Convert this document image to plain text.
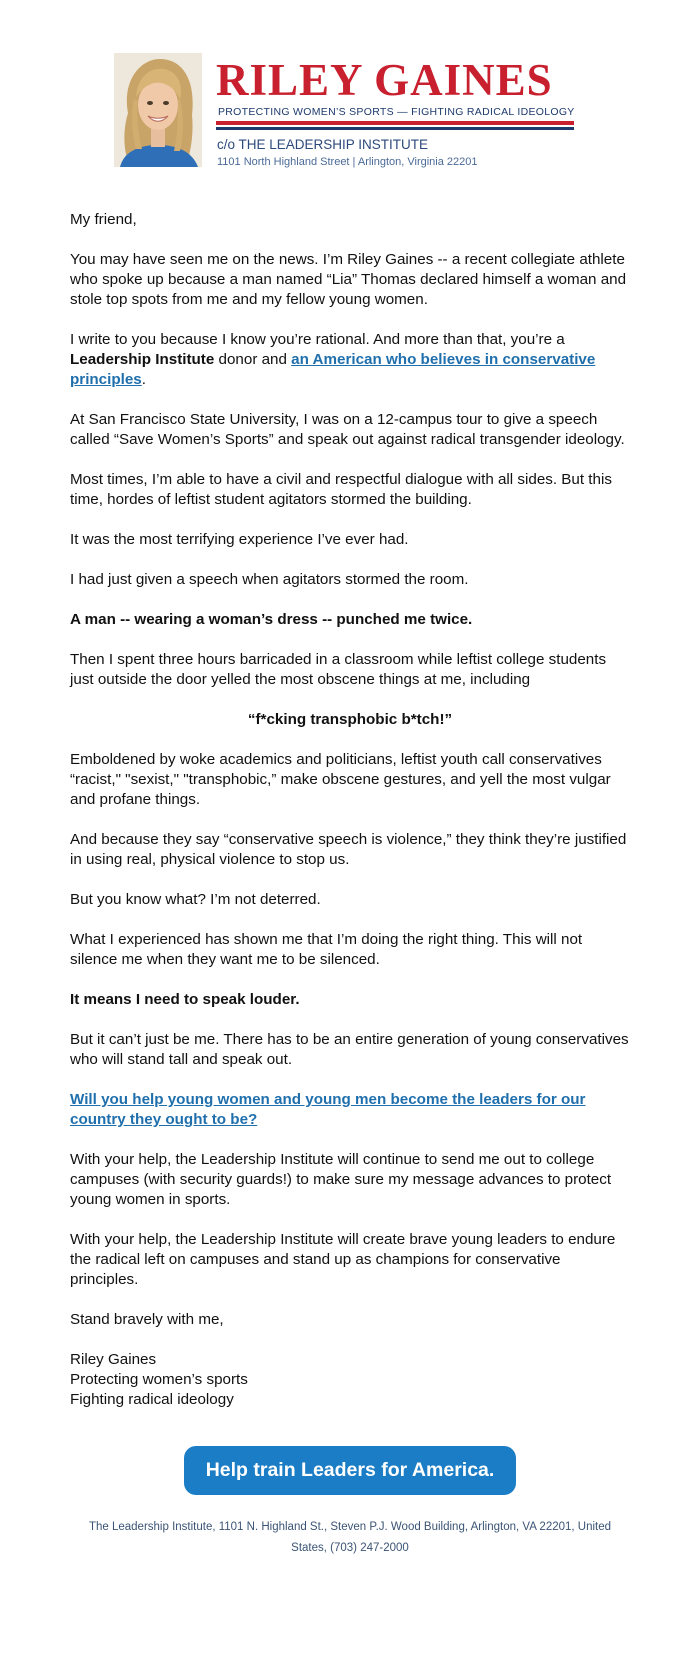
RILEY GAINES
PROTECTING WOMEN’S SPORTS — FIGHTING RADICAL IDEOLOGY
c/o THE LEADERSHIP INSTITUTE
1101 North Highland Street | Arlington, Virginia 22201

My friend,

You may have seen me on the news. I’m Riley Gaines -- a recent collegiate athlete who spoke up because a man named “Lia” Thomas declared himself a woman and stole top spots from me and my fellow young women.

I write to you because I know you’re rational. And more than that, you’re a Leadership Institute donor and an American who believes in conservative principles.

At San Francisco State University, I was on a 12-campus tour to give a speech called “Save Women’s Sports” and speak out against radical transgender ideology.

Most times, I’m able to have a civil and respectful dialogue with all sides. But this time, hordes of leftist student agitators stormed the building.

It was the most terrifying experience I’ve ever had.

I had just given a speech when agitators stormed the room.

A man -- wearing a woman’s dress -- punched me twice.

Then I spent three hours barricaded in a classroom while leftist college students just outside the door yelled the most obscene things at me, including

“f*cking transphobic b*tch!”

Emboldened by woke academics and politicians, leftist youth call conservatives “racist," "sexist," "transphobic,” make obscene gestures, and yell the most vulgar and profane things.

And because they say “conservative speech is violence,” they think they’re justified in using real, physical violence to stop us.

But you know what? I’m not deterred.

What I experienced has shown me that I’m doing the right thing. This will not silence me when they want me to be silenced.

It means I need to speak louder.

But it can’t just be me. There has to be an entire generation of young conservatives who will stand tall and speak out.

Will you help young women and young men become the leaders for our country they ought to be?

With your help, the Leadership Institute will continue to send me out to college campuses (with security guards!) to make sure my message advances to protect young women in sports.

With your help, the Leadership Institute will create brave young leaders to endure the radical left on campuses and stand up as champions for conservative principles.

Stand bravely with me,

Riley Gaines
Protecting women’s sports
Fighting radical ideology

Help train Leaders for America.
The Leadership Institute, 1101 N. Highland St., Steven P.J. Wood Building, Arlington, VA 22201, United States, (703) 247-2000
